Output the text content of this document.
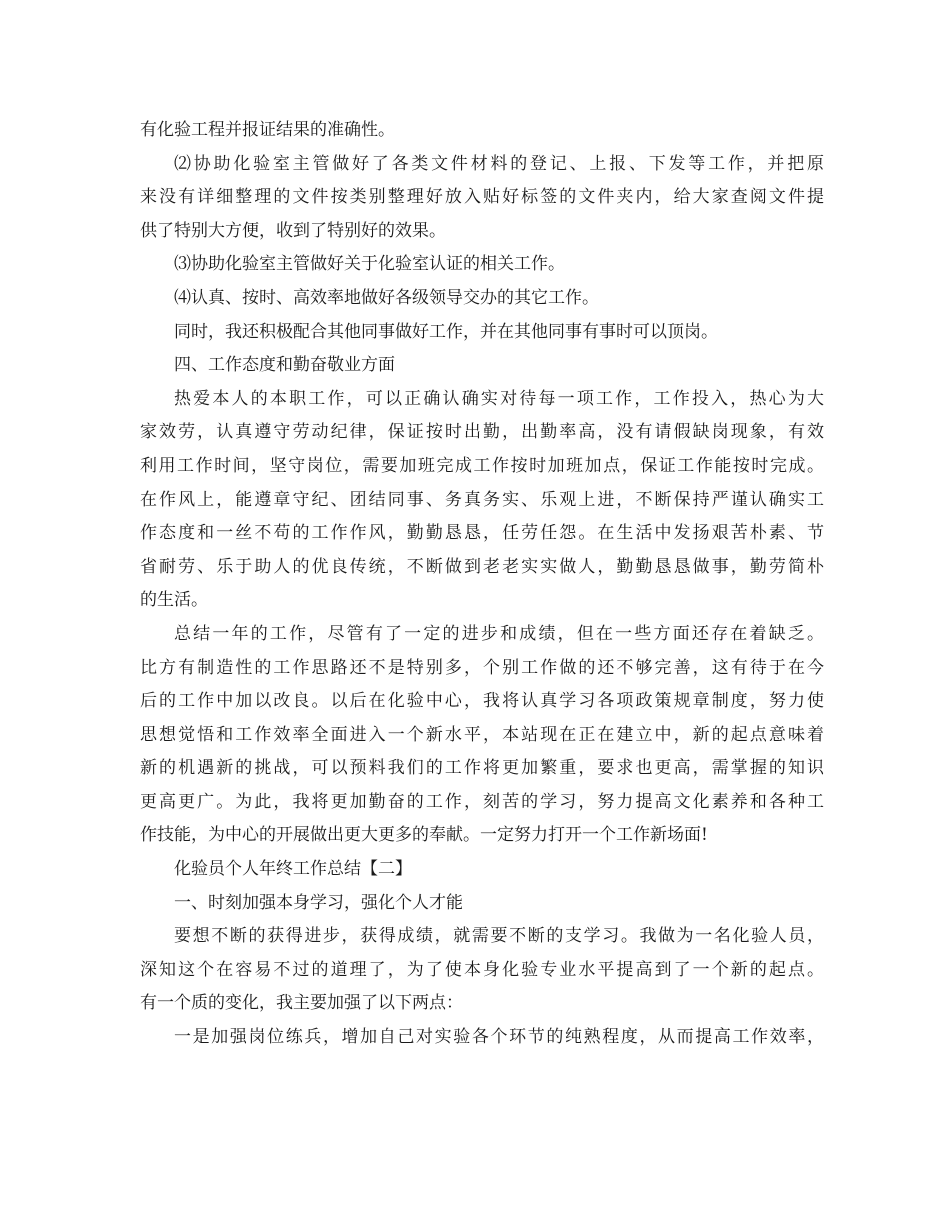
有化验工程并报证结果的准确性。
⑵协助化验室主管做好了各类文件材料的登记、上报、下发等工作，并把原
来没有详细整理的文件按类别整理好放入贴好标签的文件夹内，给大家查阅文件提
供了特别大方便，收到了特别好的效果。
⑶协助化验室主管做好关于化验室认证的相关工作。
⑷认真、按时、高效率地做好各级领导交办的其它工作。
同时，我还积极配合其他同事做好工作，并在其他同事有事时可以顶岗。
四、工作态度和勤奋敬业方面
热爱本人的本职工作，可以正确认确实对待每一项工作，工作投入，热心为大
家效劳，认真遵守劳动纪律，保证按时出勤，出勤率高，没有请假缺岗现象，有效
利用工作时间，坚守岗位，需要加班完成工作按时加班加点，保证工作能按时完成。
在作风上，能遵章守纪、团结同事、务真务实、乐观上进，不断保持严谨认确实工
作态度和一丝不苟的工作作风，勤勤恳恳，任劳任怨。在生活中发扬艰苦朴素、节
省耐劳、乐于助人的优良传统，不断做到老老实实做人，勤勤恳恳做事，勤劳简朴
的生活。
总结一年的工作，尽管有了一定的进步和成绩，但在一些方面还存在着缺乏。
比方有制造性的工作思路还不是特别多，个别工作做的还不够完善，这有待于在今
后的工作中加以改良。以后在化验中心，我将认真学习各项政策规章制度，努力使
思想觉悟和工作效率全面进入一个新水平，本站现在正在建立中，新的起点意味着
新的机遇新的挑战，可以预料我们的工作将更加繁重，要求也更高，需掌握的知识
更高更广。为此，我将更加勤奋的工作，刻苦的学习，努力提高文化素养和各种工
作技能，为中心的开展做出更大更多的奉献。一定努力打开一个工作新场面!
化验员个人年终工作总结【二】
一、时刻加强本身学习，强化个人才能
要想不断的获得进步，获得成绩，就需要不断的支学习。我做为一名化验人员，
深知这个在容易不过的道理了，为了使本身化验专业水平提高到了一个新的起点。
有一个质的变化，我主要加强了以下两点：
一是加强岗位练兵，增加自己对实验各个环节的纯熟程度，从而提高工作效率，
